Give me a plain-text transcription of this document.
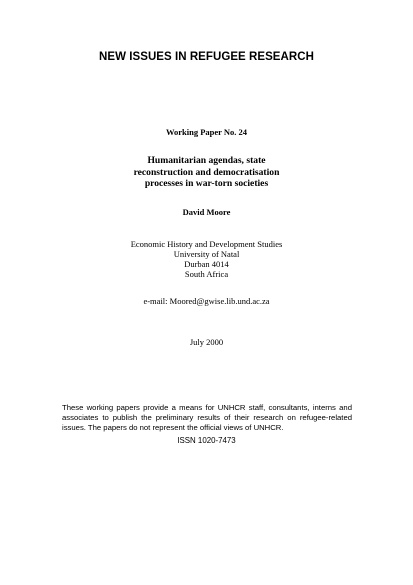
NEW ISSUES IN REFUGEE RESEARCH
Working Paper No. 24
Humanitarian agendas, state
reconstruction and democratisation
processes in war-torn societies
David Moore
Economic History and Development Studies
University of Natal
Durban 4014
South Africa
e-mail: Moored@gwise.lib.und.ac.za
July 2000
These working papers provide a means for UNHCR staff, consultants, interns and associates to publish the preliminary results of their research on refugee-related issues. The papers do not represent the official views of UNHCR.
ISSN 1020-7473
